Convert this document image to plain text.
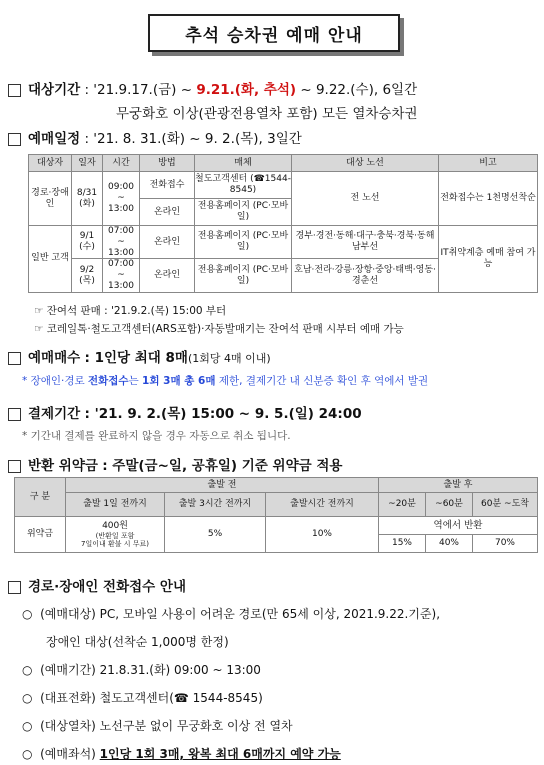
추석 승차권 예매 안내
대상기간 : '21.9.17.(금) ~ 9.21.(화, 추석) ~ 9.22.(수), 6일간
무궁화호 이상(관광전용열차 포함) 모든 열차승차권
예매일정 : '21. 8. 31.(화) ~ 9. 2.(목), 3일간
대상자	일자	시간	방법	매체	대상 노선	비고
경로·장애인	8/31 (화)	09:00 ~ 13:00	전화접수	철도고객센터 (☎1544-8545)	전 노선	전화접수는 1천명선착순
			온라인	전용홈페이지 (PC·모바일)		
일반 고객	9/1 (수)	07:00 ~ 13:00	온라인	전용홈페이지 (PC·모바일)	경부·경전·동해·대구·충북·경북·동해남부선	IT취약계층 예매 참여 가능
	9/2 (목)	07:00 ~ 13:00	온라인	전용홈페이지 (PC·모바일)	호남·전라·강릉·장항·중앙·태백·영동·경춘선	
☞ 잔여석 판매 : '21.9.2.(목) 15:00 부터
☞ 코레일톡·철도고객센터(ARS포함)·자동발매기는 잔여석 판매 시부터 예매 가능
예매매수 : 1인당 최대 8매(1회당 4매 이내)
* 장애인·경로 전화접수는 1회 3매 총 6매 제한, 결제기간 내 신분증 확인 후 역에서 발권
결제기간 : '21. 9. 2.(목) 15:00 ~ 9. 5.(일) 24:00
* 기간내 결제를 완료하지 않을 경우 자동으로 취소 됩니다.
반환 위약금 : 주말(금~일, 공휴일) 기준 위약금 적용
구 분	출발 전			출발 후		
	출발 1일 전까지	출발 3시간 전까지	출발시간 전까지	~20분	~60분	60분 ~도착
위약금	400원
(반환일 포함
7일이내 환불 시 무료)	5%	10%	역에서 반환		
				15%	40%	70%
경로·장애인 전화접수 안내
○ (예매대상) PC, 모바일 사용이 어려운 경로(만 65세 이상, 2021.9.22.기준),
장애인 대상(선착순 1,000명 한정)
○ (예매기간) 21.8.31.(화) 09:00 ~ 13:00
○ (대표전화) 철도고객센터(☎ 1544-8545)
○ (대상열차) 노선구분 없이 무궁화호 이상 전 열차
○ (예매좌석) 1인당 1회 3매, 왕복 최대 6매까지 예약 가능
